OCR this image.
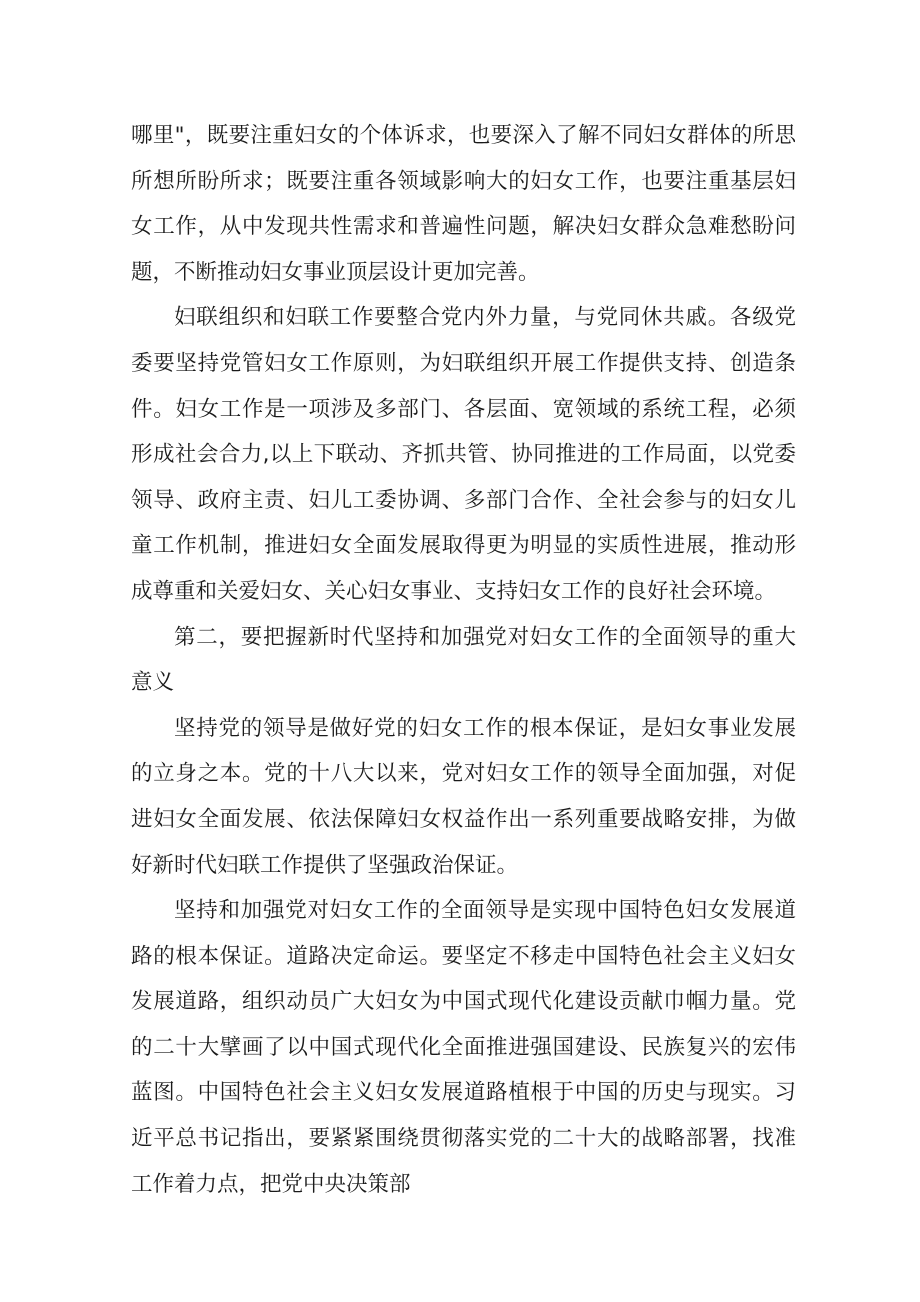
哪里"，既要注重妇女的个体诉求，也要深入了解不同妇女群体的所思所想所盼所求；既要注重各领域影响大的妇女工作，也要注重基层妇女工作，从中发现共性需求和普遍性问题，解决妇女群众急难愁盼问题，不断推动妇女事业顶层设计更加完善。

妇联组织和妇联工作要整合党内外力量，与党同休共戚。各级党委要坚持党管妇女工作原则，为妇联组织开展工作提供支持、创造条件。妇女工作是一项涉及多部门、各层面、宽领域的系统工程，必须形成社会合力,以上下联动、齐抓共管、协同推进的工作局面，以党委领导、政府主责、妇儿工委协调、多部门合作、全社会参与的妇女儿童工作机制，推进妇女全面发展取得更为明显的实质性进展，推动形成尊重和关爱妇女、关心妇女事业、支持妇女工作的良好社会环境。

第二，要把握新时代坚持和加强党对妇女工作的全面领导的重大意义

坚持党的领导是做好党的妇女工作的根本保证，是妇女事业发展的立身之本。党的十八大以来，党对妇女工作的领导全面加强，对促进妇女全面发展、依法保障妇女权益作出一系列重要战略安排，为做好新时代妇联工作提供了坚强政治保证。

坚持和加强党对妇女工作的全面领导是实现中国特色妇女发展道路的根本保证。道路决定命运。要坚定不移走中国特色社会主义妇女发展道路，组织动员广大妇女为中国式现代化建设贡献巾帼力量。党的二十大擘画了以中国式现代化全面推进强国建设、民族复兴的宏伟蓝图。中国特色社会主义妇女发展道路植根于中国的历史与现实。习近平总书记指出，要紧紧围绕贯彻落实党的二十大的战略部署，找准工作着力点，把党中央决策部
